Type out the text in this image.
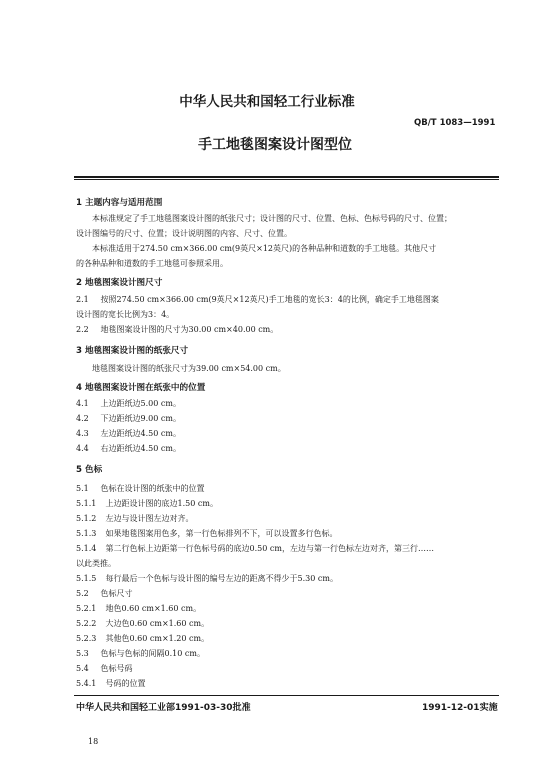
中华人民共和国轻工行业标准
QB/T 1083—1991
手工地毯图案设计图型位
1 主题内容与适用范围
本标准规定了手工地毯图案设计图的纸张尺寸；设计图的尺寸、位置、色标、色标号码的尺寸、位置；
设计图编号的尺寸、位置；设计说明图的内容、尺寸、位置。
本标准适用于274.50 cm×366.00 cm(9英尺×12英尺)的各种品种和道数的手工地毯。其他尺寸
的各种品种和道数的手工地毯可参照采用。
2 地毯图案设计图尺寸
2.1 按照274.50 cm×366.00 cm(9英尺×12英尺)手工地毯的宽长3：4的比例，确定手工地毯图案
设计图的宽长比例为3：4。
2.2 地毯图案设计图的尺寸为30.00 cm×40.00 cm。
3 地毯图案设计图的纸张尺寸
地毯图案设计图的纸张尺寸为39.00 cm×54.00 cm。
4 地毯图案设计图在纸张中的位置
4.1 上边距纸边5.00 cm。
4.2 下边距纸边9.00 cm。
4.3 左边距纸边4.50 cm。
4.4 右边距纸边4.50 cm。
5 色标
5.1 色标在设计图的纸张中的位置
5.1.1 上边距设计图的底边1.50 cm。
5.1.2 左边与设计图左边对齐。
5.1.3 如果地毯图案用色多，第一行色标排列不下，可以设置多行色标。
5.1.4 第二行色标上边距第一行色标号码的底边0.50 cm，左边与第一行色标左边对齐，第三行……
以此类推。
5.1.5 每行最后一个色标与设计图的编号左边的距离不得少于5.30 cm。
5.2 色标尺寸
5.2.1 地色0.60 cm×1.60 cm。
5.2.2 大边色0.60 cm×1.60 cm。
5.2.3 其他色0.60 cm×1.20 cm。
5.3 色标与色标的间隔0.10 cm。
5.4 色标号码
5.4.1 号码的位置
中华人民共和国轻工业部1991-03-30批准	1991-12-01实施
18
